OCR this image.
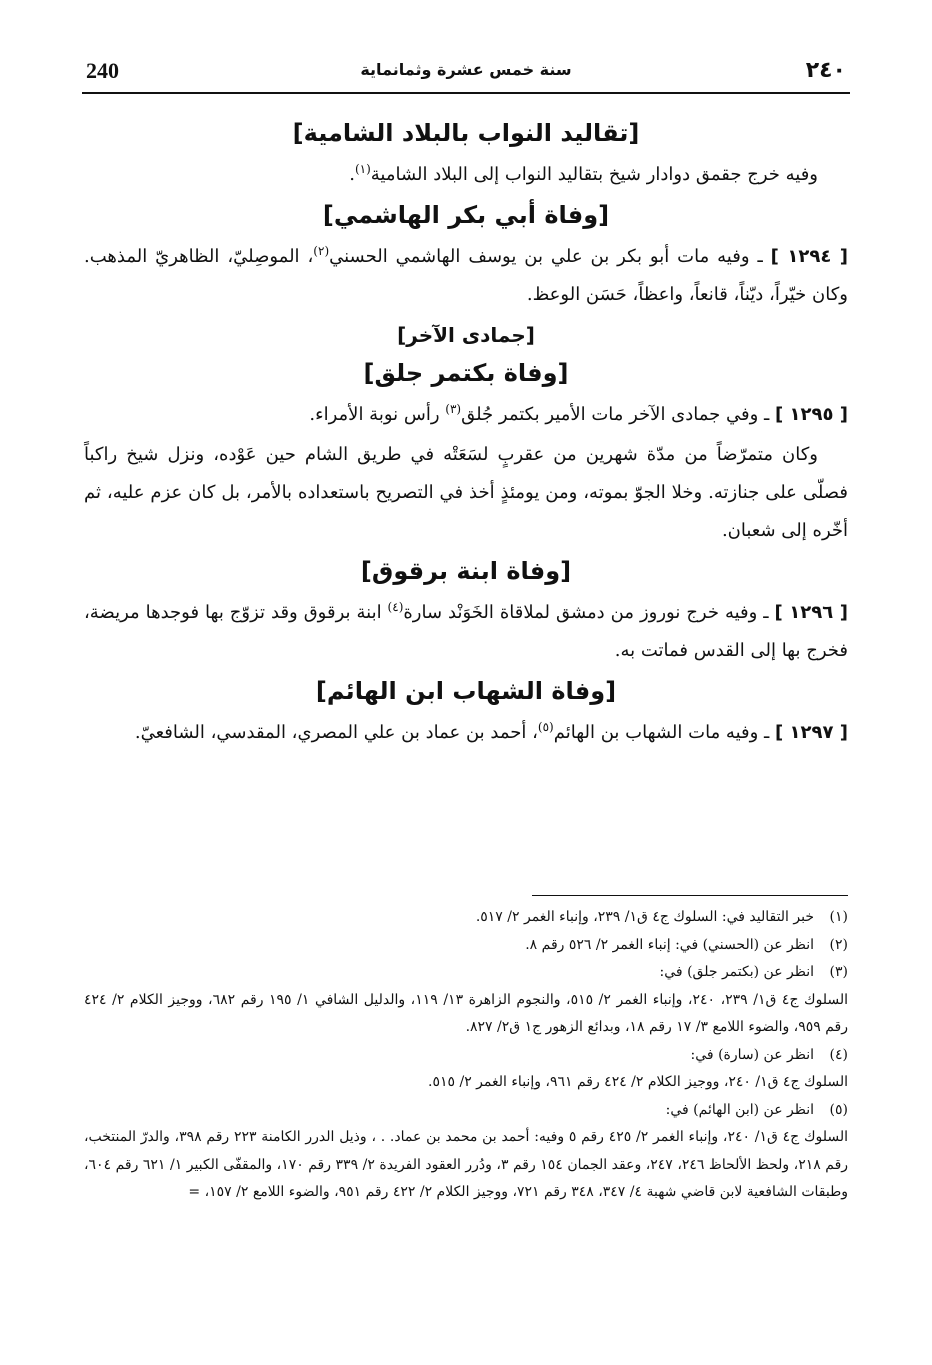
240	سنة خمس عشرة وثمانماية	٢٤٠
[تقاليد النواب بالبلاد الشامية]

وفيه خرج جقمق دوادار شيخ بتقاليد النواب إلى البلاد الشامية$^{(١)}$.

[وفاة أبي بكر الهاشمي]

[ ١٢٩٤ ] ـ وفيه مات أبو بكر بن علي بن يوسف الهاشمي الحسني$^{(٢)}$، الموصِليّ، الظاهريّ المذهب. وكان خيّراً، ديّناً، قانعاً، واعظاً، حَسَن الوعظ.

[جمادى الآخر]
[وفاة بكتمر جلق]

[ ١٢٩٥ ] ـ وفي جمادى الآخر مات الأمير بكتمر جُلق$^{(٣)}$ رأس نوبة الأمراء.

وكان متمرّضاً من مدّة شهرين من عقربٍ لسَعَتْه في طريق الشام حين عَوْده، ونزل شيخ راكباً فصلّى على جنازته. وخلا الجوّ بموته، ومن يومئذٍ أخذ في التصريح باستعداده بالأمر، بل كان عزم عليه، ثم أخّره إلى شعبان.

[وفاة ابنة برقوق]

[ ١٢٩٦ ] ـ وفيه خرج نوروز من دمشق لملاقاة الخَوَنْد سارة$^{(٤)}$ ابنة برقوق وقد تزوّج بها فوجدها مريضة، فخرج بها إلى القدس فماتت به.

[وفاة الشهاب ابن الهائم]

[ ١٢٩٧ ] ـ وفيه مات الشهاب بن الهائم$^{(٥)}$، أحمد بن عماد بن علي المصري، المقدسي، الشافعيّ.

(١)خبر التقاليد في: السلوك ج٤ ق١/ ٢٣٩، وإنباء الغمر ٢/ ٥١٧.
(٢)انظر عن (الحسني) في: إنباء الغمر ٢/ ٥٢٦ رقم ٨.
(٣)انظر عن (بكتمر جلق) في:
السلوك ج٤ ق١/ ٢٣٩، ٢٤٠، وإنباء الغمر ٢/ ٥١٥، والنجوم الزاهرة ١٣/ ١١٩، والدليل الشافي ١/ ١٩٥ رقم ٦٨٢، ووجيز الكلام ٢/ ٤٢٤ رقم ٩٥٩، والضوء اللامع ٣/ ١٧ رقم ١٨، وبدائع الزهور ج١ ق٢/ ٨٢٧.
(٤)انظر عن (سارة) في:
السلوك ج٤ ق١/ ٢٤٠، ووجيز الكلام ٢/ ٤٢٤ رقم ٩٦١، وإنباء الغمر ٢/ ٥١٥.
(٥)انظر عن (ابن الهائم) في:
السلوك ج٤ ق١/ ٢٤٠، وإنباء الغمر ٢/ ٤٢٥ رقم ٥ وفيه: أحمد بن محمد بن عماد. . ، وذيل الدرر الكامنة ٢٢٣ رقم ٣٩٨، والدرّ المنتخب، رقم ٢١٨، ولحظ الألحاظ ٢٤٦، ٢٤٧، وعقد الجمان ١٥٤ رقم ٣، ودُرر العقود الفريدة ٢/ ٣٣٩ رقم ١٧٠، والمقفّى الكبير ١/ ٦٢١ رقم ٦٠٤، وطبقات الشافعية لابن قاضي شهبة ٤/ ٣٤٧، ٣٤٨ رقم ٧٢١، ووجيز الكلام ٢/ ٤٢٢ رقم ٩٥١، والضوء اللامع ٢/ ١٥٧، =
